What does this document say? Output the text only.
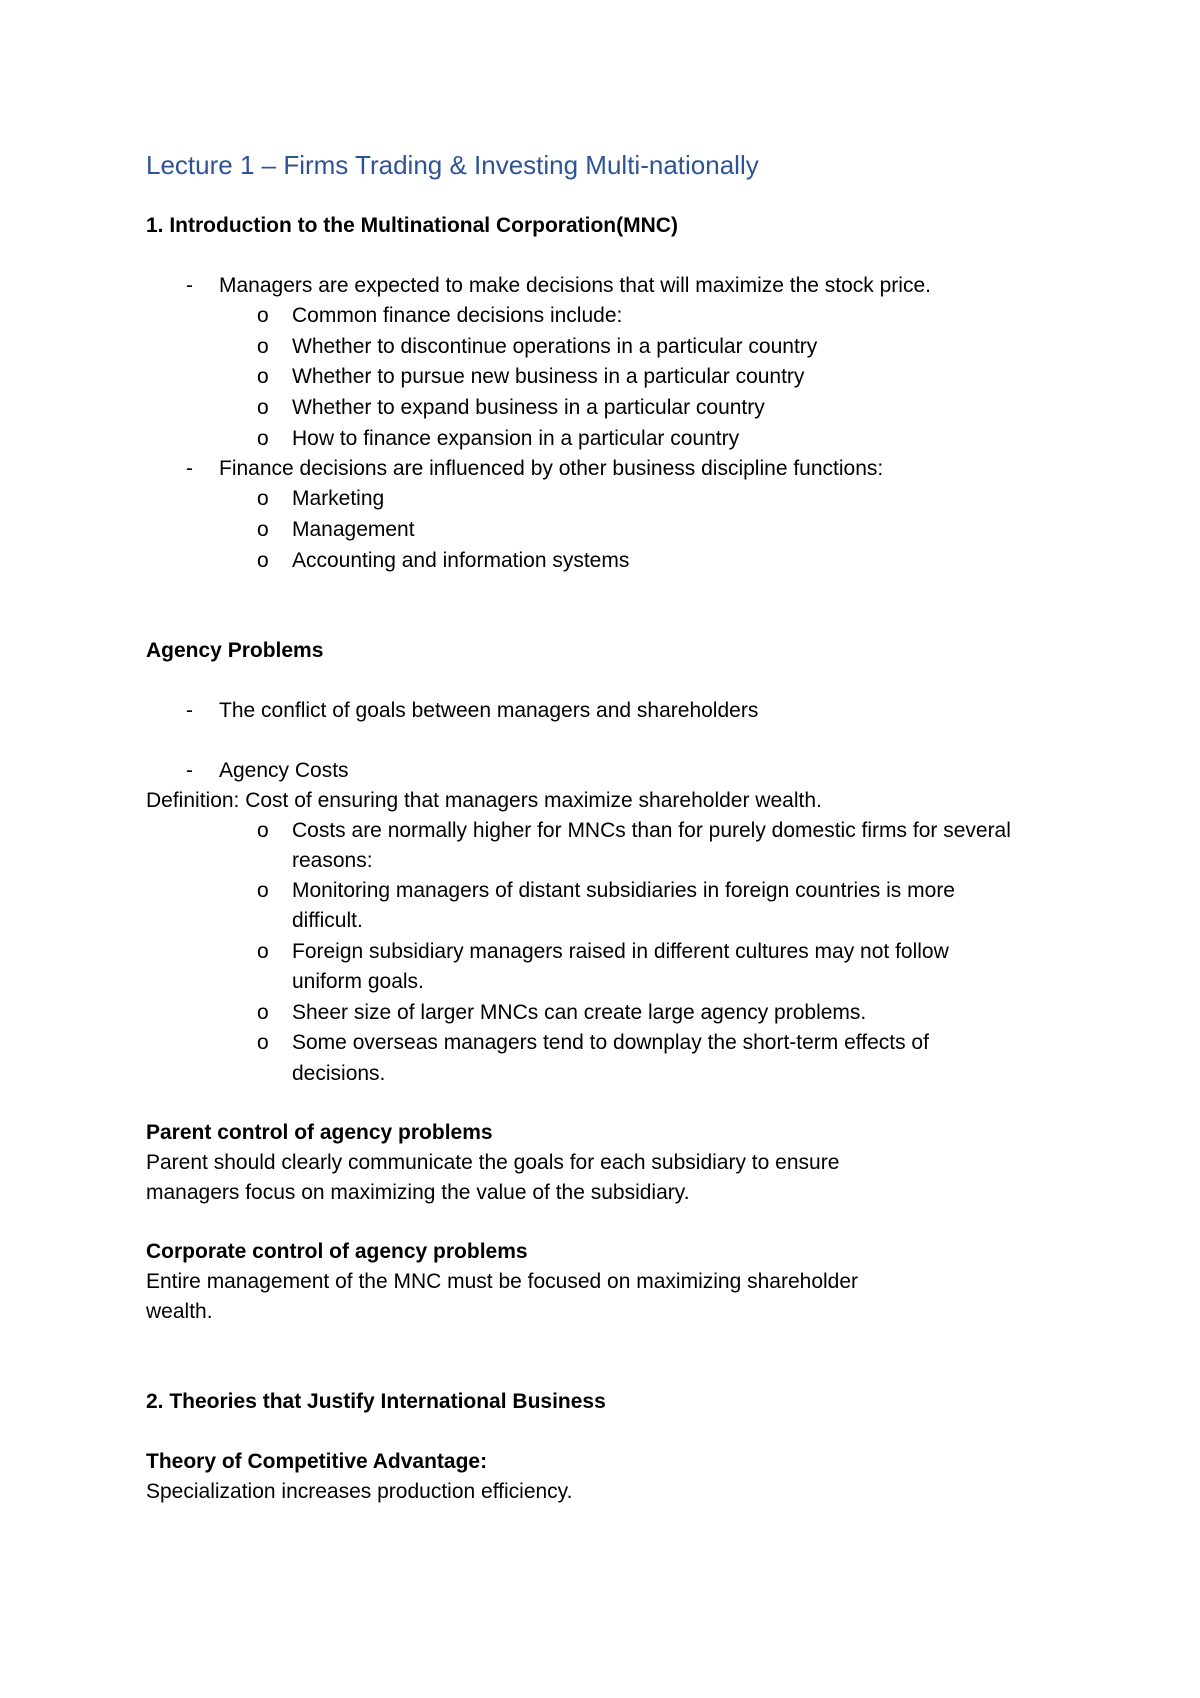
Lecture 1 – Firms Trading & Investing Multi-nationally
1. Introduction to the Multinational Corporation(MNC)
- Managers are expected to make decisions that will maximize the stock price.
o Common finance decisions include:
o Whether to discontinue operations in a particular country
o Whether to pursue new business in a particular country
o Whether to expand business in a particular country
o How to finance expansion in a particular country
- Finance decisions are influenced by other business discipline functions:
o Marketing
o Management
o Accounting and information systems
Agency Problems
- The conflict of goals between managers and shareholders
- Agency Costs
Definition: Cost of ensuring that managers maximize shareholder wealth.
o Costs are normally higher for MNCs than for purely domestic firms for several
reasons:
o Monitoring managers of distant subsidiaries in foreign countries is more
difficult.
o Foreign subsidiary managers raised in different cultures may not follow
uniform goals.
o Sheer size of larger MNCs can create large agency problems.
o Some overseas managers tend to downplay the short-term effects of
decisions.
Parent control of agency problems
Parent should clearly communicate the goals for each subsidiary to ensure
managers focus on maximizing the value of the subsidiary.
Corporate control of agency problems
Entire management of the MNC must be focused on maximizing shareholder
wealth.
2. Theories that Justify International Business
Theory of Competitive Advantage:
Specialization increases production efficiency.
